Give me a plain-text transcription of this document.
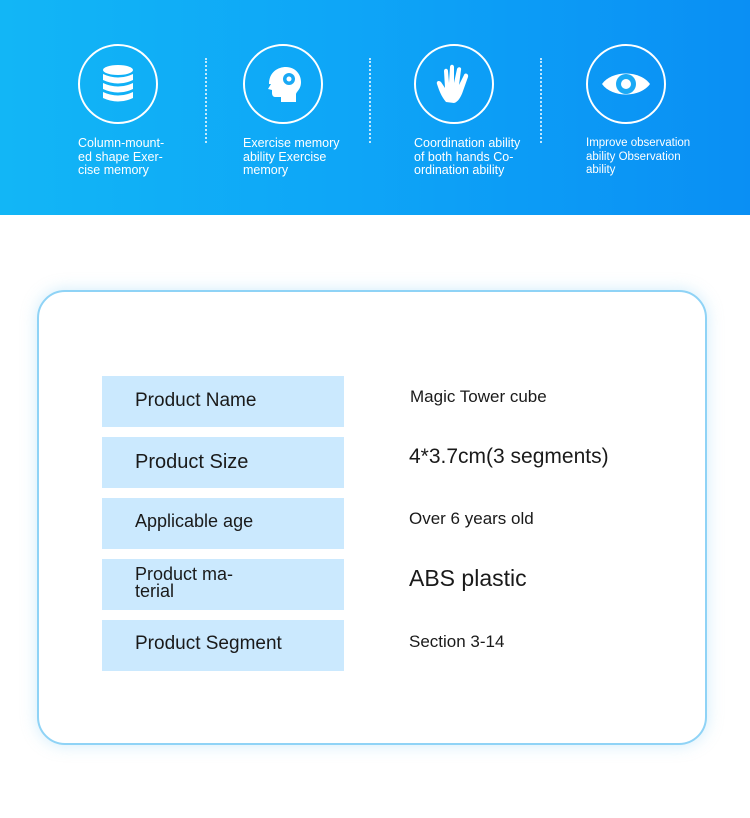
Column-mount-
ed shape Exer-
cise memory
Exercise memory
ability Exercise
memory
Coordination ability
of both hands Co-
ordination ability
Improve observation
ability Observation
ability
Product Name	Magic Tower cube
Product Size	4*3.7cm(3 segments)
Applicable age	Over 6 years old
Product ma-
terial	ABS plastic
Product Segment	Section 3-14
